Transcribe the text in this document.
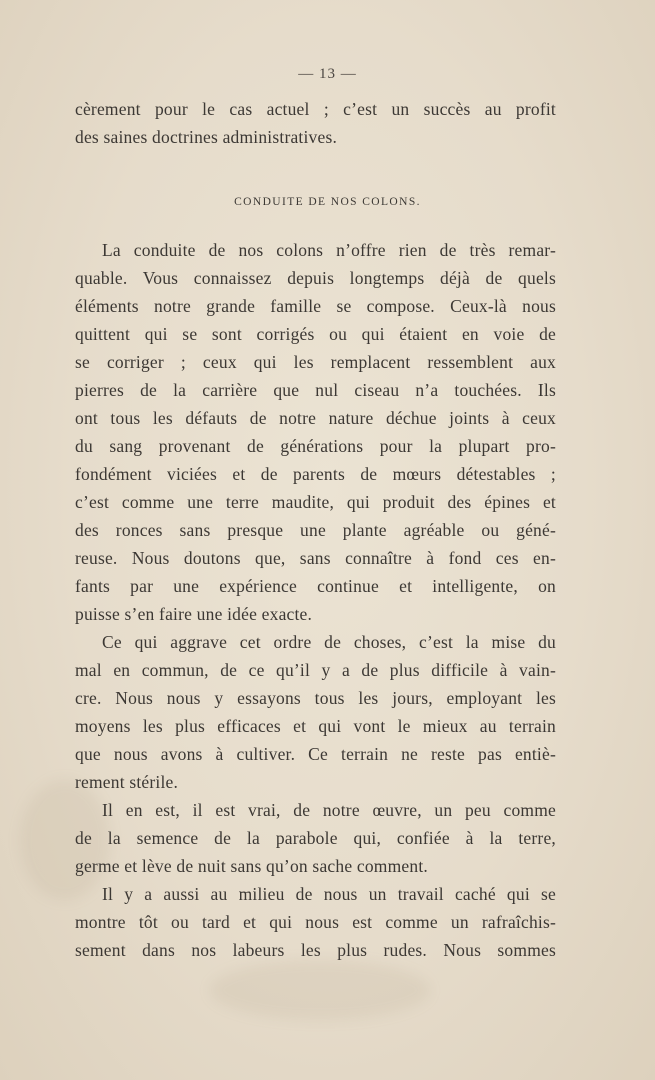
— 13 —
cèrement pour le cas actuel ; c’est un succès au profit
des saines doctrines administratives.
CONDUITE DE NOS COLONS.
La conduite de nos colons n’offre rien de très remar-
quable. Vous connaissez depuis longtemps déjà de quels
éléments notre grande famille se compose. Ceux-là nous
quittent qui se sont corrigés ou qui étaient en voie de
se corriger ; ceux qui les remplacent ressemblent aux
pierres de la carrière que nul ciseau n’a touchées. Ils
ont tous les défauts de notre nature déchue joints à ceux
du sang provenant de générations pour la plupart pro-
fondément viciées et de parents de mœurs détestables ;
c’est comme une terre maudite, qui produit des épines et
des ronces sans presque une plante agréable ou géné-
reuse. Nous doutons que, sans connaître à fond ces en-
fants par une expérience continue et intelligente, on
puisse s’en faire une idée exacte.
Ce qui aggrave cet ordre de choses, c’est la mise du
mal en commun, de ce qu’il y a de plus difficile à vain-
cre. Nous nous y essayons tous les jours, employant les
moyens les plus efficaces et qui vont le mieux au terrain
que nous avons à cultiver. Ce terrain ne reste pas entiè-
rement stérile.
Il en est, il est vrai, de notre œuvre, un peu comme
de la semence de la parabole qui, confiée à la terre,
germe et lève de nuit sans qu’on sache comment.
Il y a aussi au milieu de nous un travail caché qui se
montre tôt ou tard et qui nous est comme un rafraîchis-
sement dans nos labeurs les plus rudes. Nous sommes
